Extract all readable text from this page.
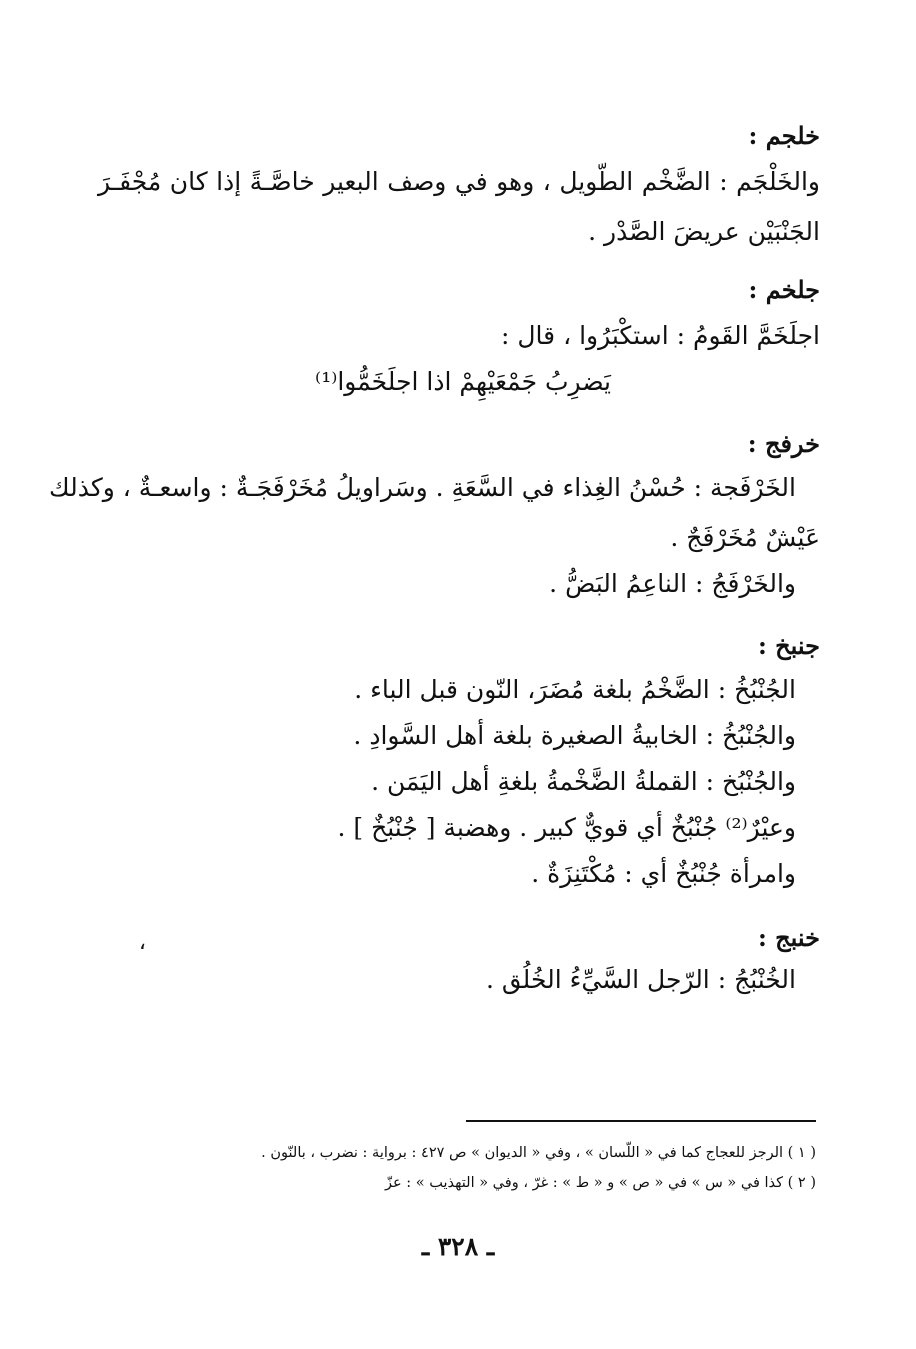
خلجم :
والخَلْجَم : الضَّخْم الطّويل ، وهو في وصف البعير خاصَّـةً إذا كان مُجْفَـرَ
الجَنْبَيْن عريضَ الصَّدْر .
جلخم :
اجلَخَمَّ القَومُ : استكْبَرُوا ، قال :
يَضرِبُ جَمْعَيْهِمْ اذا اجلَخَمُّوا⁽¹⁾
خرفج :
الخَرْفَجة : حُسْنُ الغِذاء في السَّعَةِ . وسَراويلُ مُخَرْفَجَـةٌ : واسعـةٌ ، وكذلك
عَيْشٌ مُخَرْفَجٌ .
والخَرْفَجُ : الناعِمُ البَضُّ .
جنبخ :
الجُنْبُخُ : الضَّخْمُ بلغة مُضَرَ، النّون قبل الباء .
والجُنْبُخُ : الخابيةُ الصغيرة بلغة أهل السَّوادِ .
والجُنْبُخ : القملةُ الضَّخْمةُ بلغةِ أهل اليَمَن .
وعيْرٌ⁽²⁾ جُنْبُخٌ أي قويٌّ كبير . وهضبة [ جُنْبُخٌ ] .
وامرأة جُنْبُخٌ أي : مُكْتَنِزَةٌ .
خنبج :
،
الخُنْبُجُ : الرّجل السَّيِّءُ الخُلُق .
( ١ ) الرجز للعجاج كما في « اللّسان » ، وفي « الديوان » ص ٤٢٧ : برواية : نضرب ، بالنّون .
( ٢ ) كذا في « س » في « ص » و « ط » : غرّ ، وفي « التهذيب » : عزّ
ـ ٣٢٨ ـ
